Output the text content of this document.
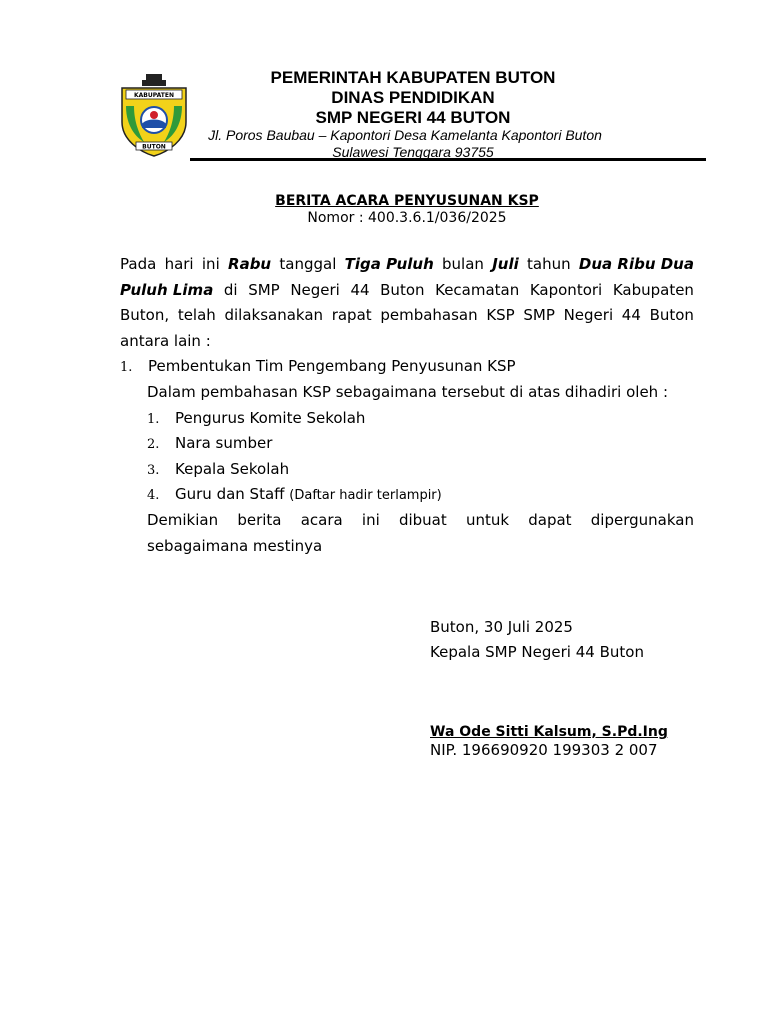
KABUPATEN
BUTON
PEMERINTAH KABUPATEN BUTON
DINAS PENDIDIKAN
SMP NEGERI 44 BUTON
Jl. Poros Baubau – Kapontori Desa Kamelanta Kapontori Buton
Sulawesi Tenggara 93755
BERITA ACARA PENYUSUNAN KSP
Nomor : 400.3.6.1/036/2025
Pada hari ini Rabu tanggal Tiga Puluh bulan Juli tahun Dua Ribu Dua
Puluh Lima di SMP Negeri 44 Buton Kecamatan Kapontori Kabupaten
Buton, telah dilaksanakan rapat pembahasan KSP SMP Negeri 44 Buton
antara lain :
1. Pembentukan Tim Pengembang Penyusunan KSP
Dalam pembahasan KSP sebagaimana tersebut di atas dihadiri oleh :
1. Pengurus Komite Sekolah
2. Nara sumber
3. Kepala Sekolah
4. Guru dan Staff (Daftar hadir terlampir)
Demikian berita acara ini dibuat untuk dapat dipergunakan
sebagaimana mestinya
Buton, 30 Juli 2025
Kepala SMP Negeri 44 Buton
Wa Ode Sitti Kalsum, S.Pd.Ing
NIP. 196690920 199303 2 007
